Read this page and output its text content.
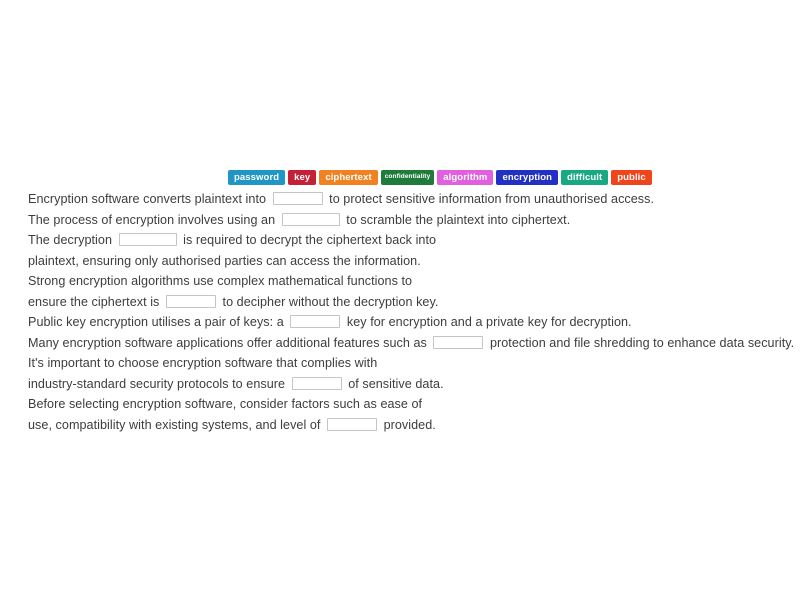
password	key	ciphertext	confidentiality	algorithm	encryption	difficult	public
Encryption software converts plaintext into	to protect sensitive information from unauthorised access.
The process of encryption involves using an	to scramble the plaintext into ciphertext.
The decryption	is required to decrypt the ciphertext back into
plaintext, ensuring only authorised parties can access the information.
Strong encryption algorithms use complex mathematical functions to
ensure the ciphertext is	to decipher without the decryption key.
Public key encryption utilises a pair of keys: a	key for encryption and a private key for decryption.
Many encryption software applications offer additional features such as	protection and file shredding to enhance data security.
It's important to choose encryption software that complies with
industry-standard security protocols to ensure	of sensitive data.
Before selecting encryption software, consider factors such as ease of
use, compatibility with existing systems, and level of	provided.
